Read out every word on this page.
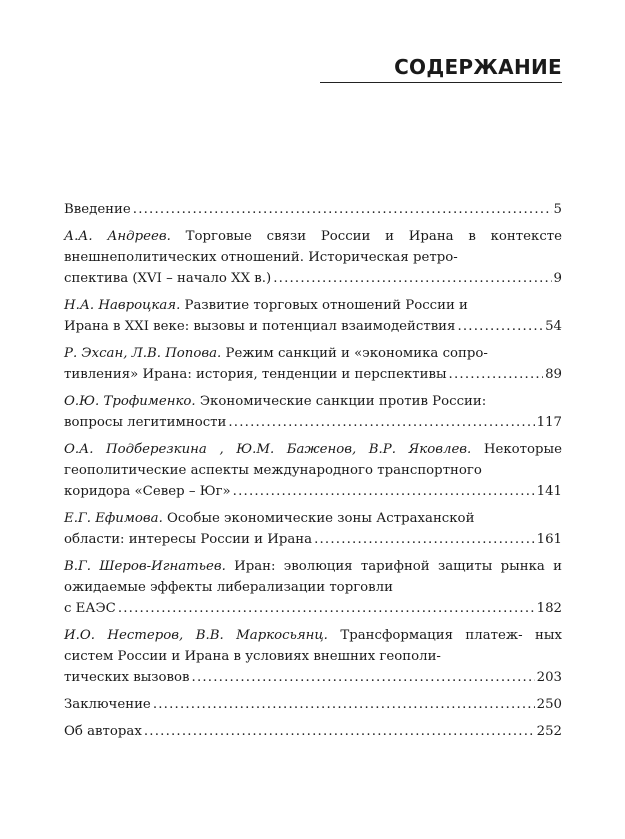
СОДЕРЖАНИЕ
Введение .....	5
А.А. Андреев. Торговые связи России и Ирана в контексте внешнеполитических отношений. Историческая ретро-
спектива (XVI – начало XX в.) .....	9
Н.А. Навроцкая. Развитие торговых отношений России и
Ирана в XXI веке: вызовы и потенциал взаимодействия .....	54
Р. Эхсан, Л.В. Попова. Режим санкций и «экономика сопро-
тивления» Ирана: история, тенденции и перспективы .....	89
О.Ю. Трофименко. Экономические санкции против России:
вопросы легитимности .....	117
О.А. Подберезкина , Ю.М. Баженов, В.Р. Яковлев. Некоторые геополитические аспекты международного транспортного
коридора «Север – Юг» .....	141
Е.Г. Ефимова. Особые экономические зоны Астраханской
области: интересы России и Ирана .....	161
В.Г. Шеров-Игнатьев. Иран: эволюция тарифной защиты рынка и ожидаемые эффекты либерализации торговли
с ЕАЭС .....	182
И.О. Нестеров, В.В. Маркосьянц. Трансформация платеж- ных систем России и Ирана в условиях внешних геополи-
тических вызовов .....	203
Заключение .....	250
Об авторах .....	252
